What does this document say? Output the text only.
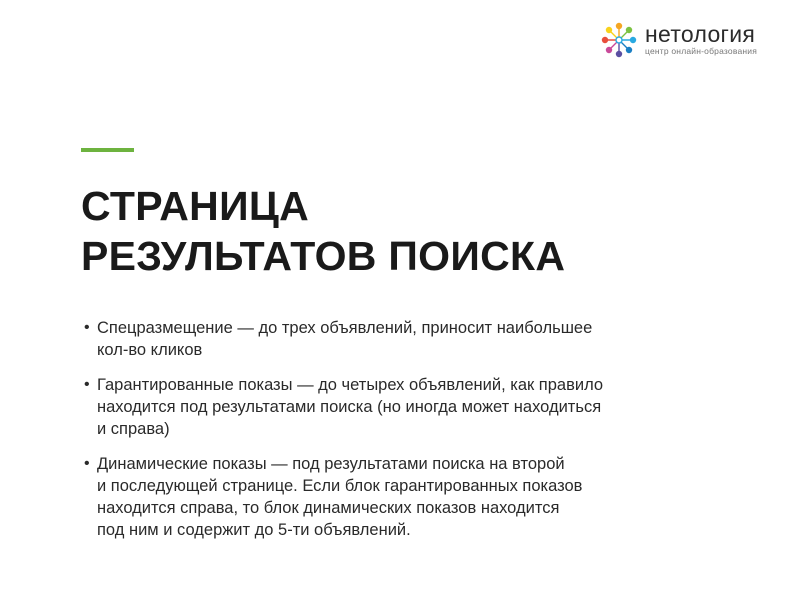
нетология
центр онлайн-образования
СТРАНИЦА
РЕЗУЛЬТАТОВ ПОИСКА
• Спецразмещение — до трех объявлений, приносит наибольшее
кол-во кликов
• Гарантированные показы — до четырех объявлений, как правило
находится под результатами поиска (но иногда может находиться
и справа)
• Динамические показы — под результатами поиска на второй
и последующей странице. Если блок гарантированных показов
находится справа, то блок динамических показов находится
под ним и содержит до 5-ти объявлений.
